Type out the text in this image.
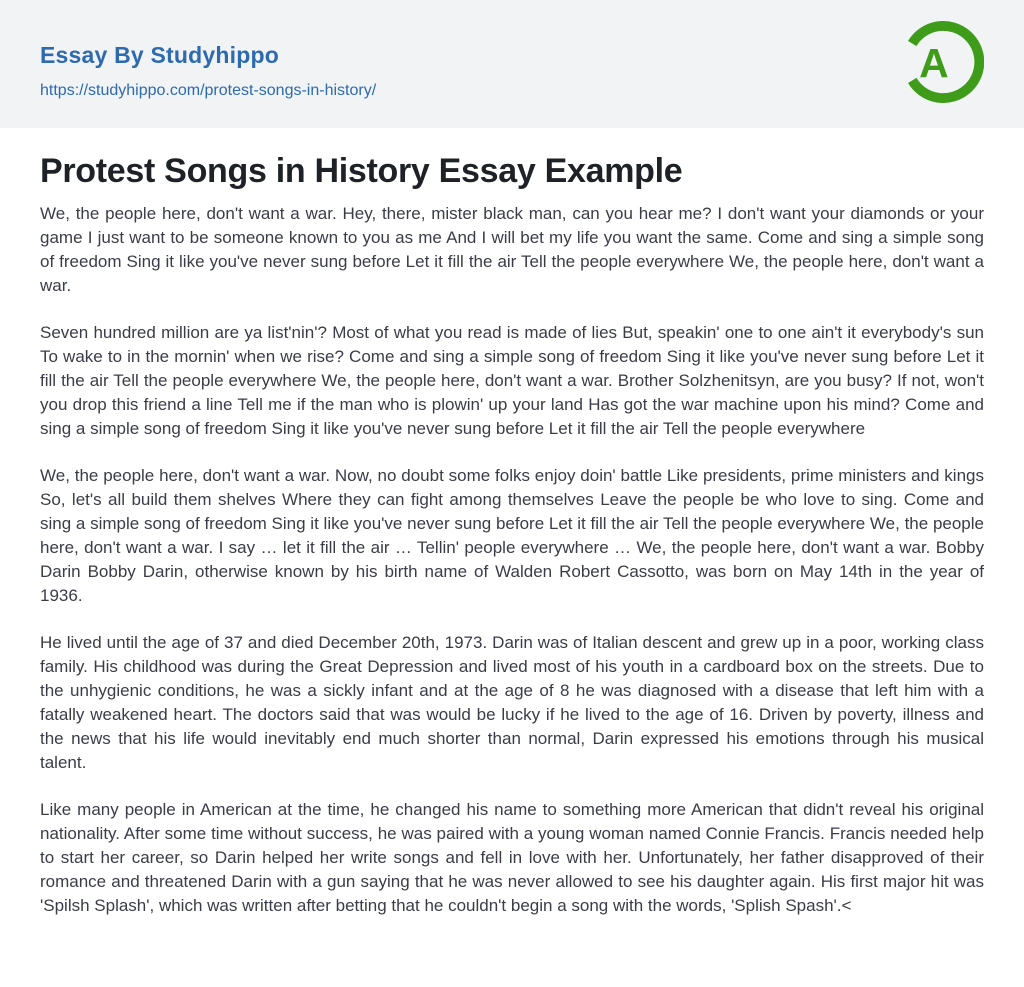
Essay By Studyhippo
https://studyhippo.com/protest-songs-in-history/
A
Protest Songs in History Essay Example

We, the people here, don't want a war. Hey, there, mister black man, can you hear me? I don't want your diamonds or your game I just want to be someone known to you as me And I will bet my life you want the same. Come and sing a simple song of freedom Sing it like you've never sung before Let it fill the air Tell the people everywhere We, the people here, don't want a war.

Seven hundred million are ya list'nin'? Most of what you read is made of lies But, speakin' one to one ain't it everybody's sun To wake to in the mornin' when we rise? Come and sing a simple song of freedom Sing it like you've never sung before Let it fill the air Tell the people everywhere We, the people here, don't want a war. Brother Solzhenitsyn, are you busy? If not, won't you drop this friend a line Tell me if the man who is plowin' up your land Has got the war machine upon his mind? Come and sing a simple song of freedom Sing it like you've never sung before Let it fill the air Tell the people everywhere

We, the people here, don't want a war. Now, no doubt some folks enjoy doin' battle Like presidents, prime ministers and kings So, let's all build them shelves Where they can fight among themselves Leave the people be who love to sing. Come and sing a simple song of freedom Sing it like you've never sung before Let it fill the air Tell the people everywhere We, the people here, don't want a war. I say … let it fill the air … Tellin' people everywhere … We, the people here, don't want a war. Bobby Darin Bobby Darin, otherwise known by his birth name of Walden Robert Cassotto, was born on May 14th in the year of 1936.

He lived until the age of 37 and died December 20th, 1973. Darin was of Italian descent and grew up in a poor, working class family. His childhood was during the Great Depression and lived most of his youth in a cardboard box on the streets. Due to the unhygienic conditions, he was a sickly infant and at the age of 8 he was diagnosed with a disease that left him with a fatally weakened heart. The doctors said that was would be lucky if he lived to the age of 16. Driven by poverty, illness and the news that his life would inevitably end much shorter than normal, Darin expressed his emotions through his musical talent.

Like many people in American at the time, he changed his name to something more American that didn't reveal his original nationality. After some time without success, he was paired with a young woman named Connie Francis. Francis needed help to start her career, so Darin helped her write songs and fell in love with her. Unfortunately, her father disapproved of their romance and threatened Darin with a gun saying that he was never allowed to see his daughter again. His first major hit was 'Spilsh Splash', which was written after betting that he couldn't begin a song with the words, 'Splish Spash'.<
